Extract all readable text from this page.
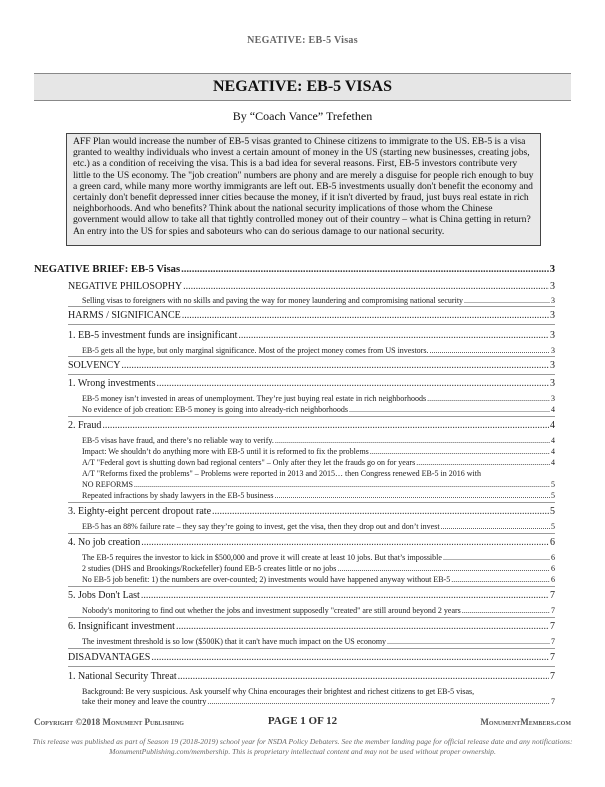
NEGATIVE: EB-5 Visas
NEGATIVE: EB-5 VISAS
By “Coach Vance” Trefethen
AFF Plan would increase the number of EB-5 visas granted to Chinese citizens to immigrate to the US. EB-5 is a visa granted to wealthy individuals who invest a certain amount of money in the US (starting new businesses, creating jobs, etc.) as a condition of receiving the visa. This is a bad idea for several reasons. First, EB-5 investors contribute very little to the US economy. The "job creation" numbers are phony and are merely a disguise for people rich enough to buy a green card, while many more worthy immigrants are left out. EB-5 investments usually don't benefit the economy and certainly don't benefit depressed inner cities because the money, if it isn't diverted by fraud, just buys real estate in rich neighborhoods. And who benefits? Think about the national security implications of those whom the Chinese government would allow to take all that tightly controlled money out of their country – what is China getting in return? An entry into the US for spies and saboteurs who can do serious damage to our national security.
NEGATIVE BRIEF: EB-5 Visas .....	3
NEGATIVE PHILOSOPHY .....	3
Selling visas to foreigners with no skills and paving the way for money laundering and compromising national security .....	3
HARMS / SIGNIFICANCE .....	3
1. EB-5 investment funds are insignificant .....	3
EB-5 gets all the hype, but only marginal significance. Most of the project money comes from US investors. .....	3
SOLVENCY .....	3
1. Wrong investments .....	3
EB-5 money isn’t invested in areas of unemployment. They’re just buying real estate in rich neighborhoods .....	3
No evidence of job creation: EB-5 money is going into already-rich neighborhoods .....	4
2. Fraud .....	4
EB-5 visas have fraud, and there’s no reliable way to verify. .....	4
Impact: We shouldn’t do anything more with EB-5 until it is reformed to fix the problems .....	4
A/T "Federal govt is shutting down bad regional centers" – Only after they let the frauds go on for years .....	4
A/T "Reforms fixed the problems" – Problems were reported in 2013 and 2015… then Congress renewed EB-5 in 2016 with
NO REFORMS .....	5
Repeated infractions by shady lawyers in the EB-5 business .....	5
3. Eighty-eight percent dropout rate .....	5
EB-5 has an 88% failure rate – they say they’re going to invest, get the visa, then they drop out and don’t invest .....	5
4. No job creation .....	6
The EB-5 requires the investor to kick in $500,000 and prove it will create at least 10 jobs. But that’s impossible .....	6
2 studies (DHS and Brookings/Rockefeller) found EB-5 creates little or no jobs .....	6
No EB-5 job benefit: 1) the numbers are over-counted; 2) investments would have happened anyway without EB-5 .....	6
5. Jobs Don't Last .....	7
Nobody's monitoring to find out whether the jobs and investment supposedly "created" are still around beyond 2 years .....	7
6. Insignificant investment .....	7
The investment threshold is so low ($500K) that it can't have much impact on the US economy .....	7
DISADVANTAGES .....	7
1. National Security Threat .....	7
Background: Be very suspicious. Ask yourself why China encourages their brightest and richest citizens to get EB-5 visas,
take their money and leave the country .....	7
Copyright ©2018 Monument Publishing	PAGE 1 OF 12	MonumentMembers.com
This release was published as part of Season 19 (2018-2019) school year for NSDA Policy Debaters. See the member landing page for official release date and any notifications:
MonumentPublishing.com/membership. This is proprietary intellectual content and may not be used without proper ownership.
